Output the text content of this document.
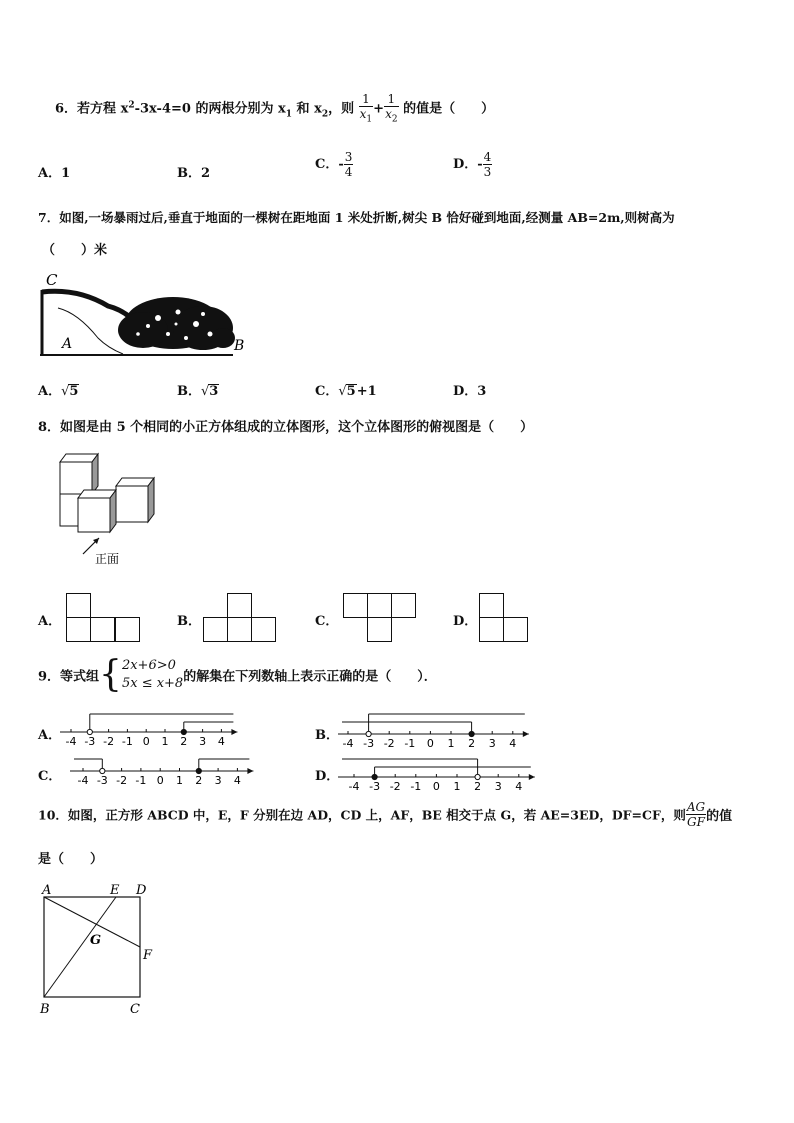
6．若方程 $x^2-3x-4=0$ 的两根分别为 $x_1$ 和 $x_2$，则 $\frac{1}{x_1} + \frac{1}{x_2}$ 的值是（　　）
A．1	B．2
C．- $\frac{3}{4}$	D．- $\frac{4}{3}$
7．如图,一场暴雨过后,垂直于地面的一棵树在距地面 1 米处折断,树尖 B 恰好碰到地面,经测量 AB=2m,则树高为
（　　）米
C
A	B
A．√5	B．√3	C．√5+1	D．3
8．如图是由 5 个相同的小正方体组成的立体图形，这个立体图形的俯视图是（　　）
正面
A．	B．	C．	D．
9．等式组{ 2x+6>0
5x ≤ x+8 的解集在下列数轴上表示正确的是（　　）．
A．	B．
C．	D．
-4 -3 -2 -1 0 1 2 3 4	-4 -3 -2 -1 0 1 2 3 4
-4 -3 -2 -1 0 1 2 3 4	-4 -3 -2 -1 0 1 2 3 4
10．如图，正方形 ABCD 中，E，F 分别在边 AD，CD 上，AF，BE 相交于点 G，若 AE=3ED，DF=CF，则 $\frac{AG}{GF}$ 的值
是（　　）
A	E D
G
F
B	C
